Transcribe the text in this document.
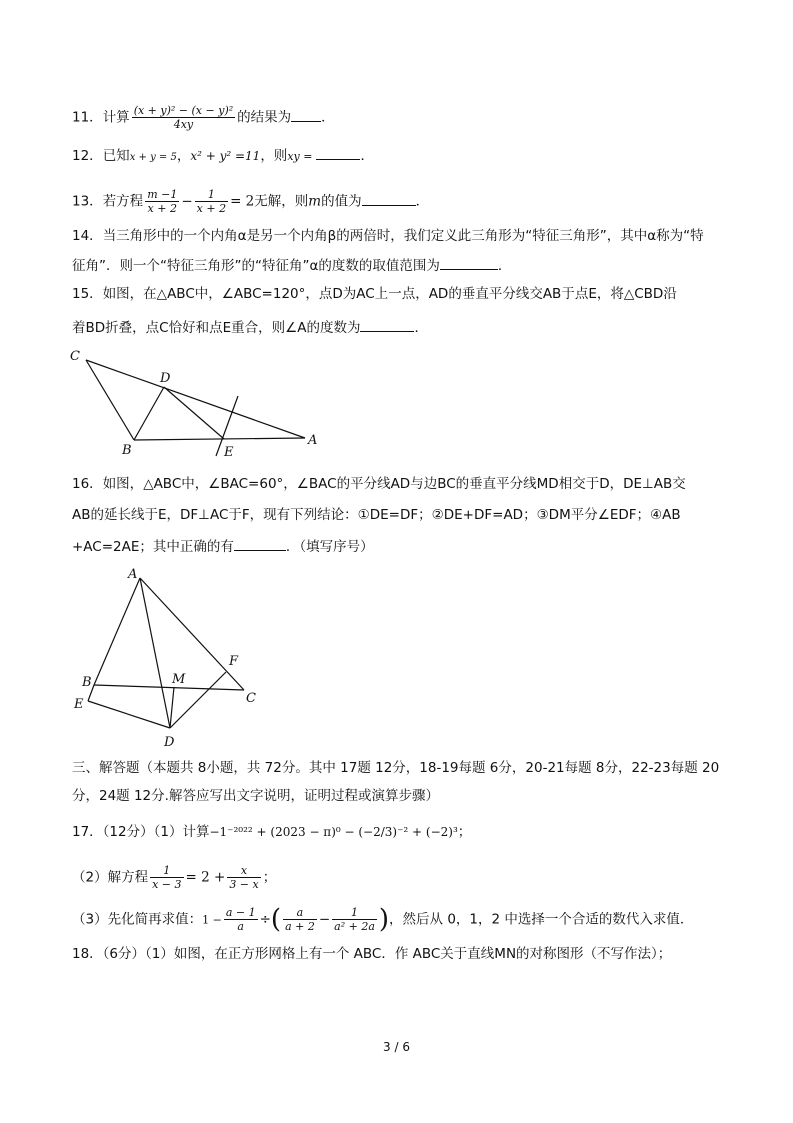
11．计算 $\frac{\text{(x + y)² − (x − y)²}}{4xy}$ 的结果为 ．
12．已知x + y = 5，x² + y² =11，则xy =	．
13．若方程 $\frac{m -1}{x + 2} - \frac{1}{x + 2} = 2$无解，则m的值为	．
14．当三角形中的一个内角α是另一个内角β的两倍时，我们定义此三角形为“特征三角形”，其中α称为“特
征角”．则一个“特征三角形”的“特征角”α的度数的取值范围为	．
15．如图，在△ABC中，∠ABC=120°，点D为AC上一点，AD的垂直平分线交AB于点E，将△CBD沿
着BD折叠，点C恰好和点E重合，则∠A的度数为	．
C
D
B	E
A
16．如图，△ABC中，∠BAC=60°，∠BAC的平分线AD与边BC的垂直平分线MD相交于D，DE⊥AB交
AB的延长线于E，DF⊥AC于F，现有下列结论：①DE=DF；②DE+DF=AD；③DM平分∠EDF；④AB
+AC=2AE；其中正确的有	．（填写序号）
A
F
B	M
C
E
D
三、解答题（本题共 8小题，共 72分。其中 17题 12分，18-19每题 6分，20-21每题 8分，22-23每题 20
分，24题 12分.解答应写出文字说明，证明过程或演算步骤）
17．（12分）（1）计算−1⁻²⁰²² + (2023 − π)⁰ − (−2/3)⁻² + (−2)³；
（2）解方程 $\frac{1}{x - 3} = 2 + \frac{x}{3 - x}$ ；
（3）先化简再求值：$1 - \frac{a - 1}{a}$ ÷( $\frac{a}{a + 2} - \frac{1}{\text{a² + 2a}}$ )，然后从 0，1，2 中选择一个合适的数代入求值．
18．（6分）（1）如图，在正方形网格上有一个 ABC．作 ABC关于直线MN的对称图形（不写作法）；
3 / 6
